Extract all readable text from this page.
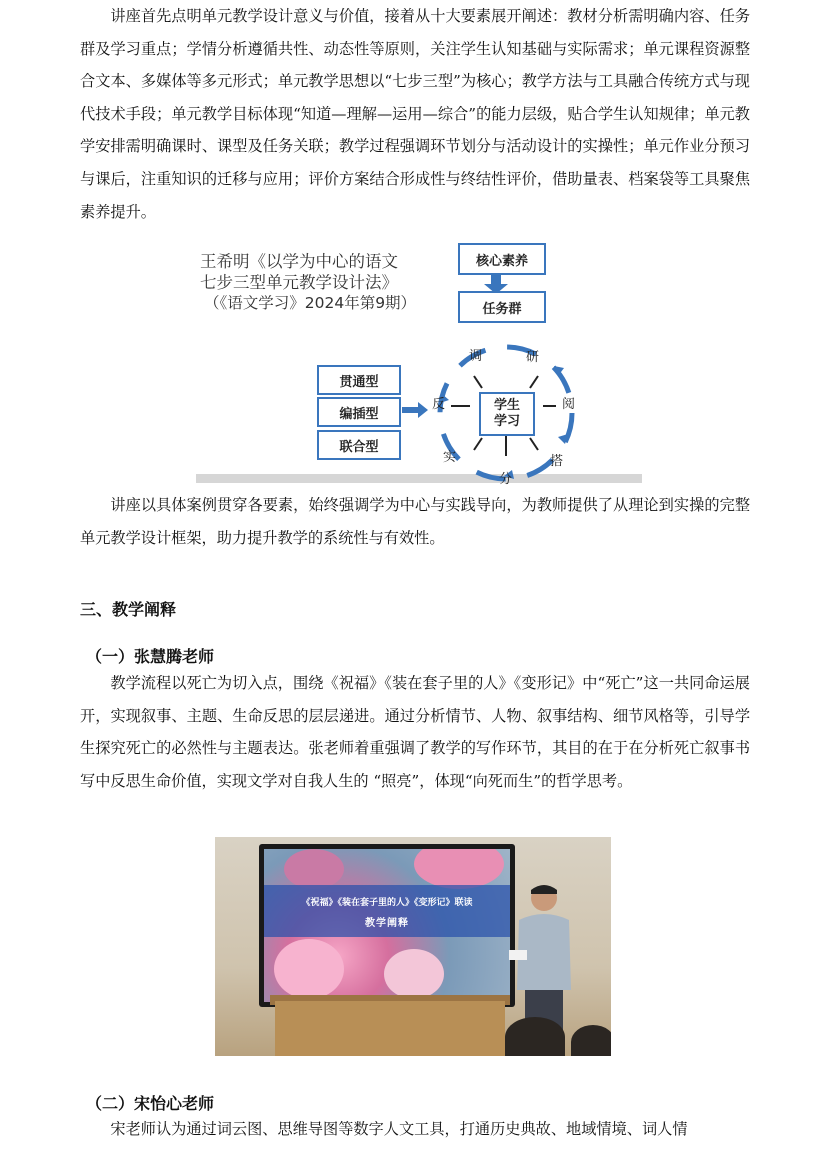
讲座首先点明单元教学设计意义与价值，接着从十大要素展开阐述：教材分析需明确内容、任务群及学习重点；学情分析遵循共性、动态性等原则，关注学生认知基础与实际需求；单元课程资源整合文本、多媒体等多元形式；单元教学思想以“七步三型”为核心；教学方法与工具融合传统方式与现代技术手段；单元教学目标体现“知道—理解—运用—综合”的能力层级，贴合学生认知规律；单元教学安排需明确课时、课型及任务关联；教学过程强调环节划分与活动设计的实操性；单元作业分预习与课后，注重知识的迁移与应用；评价方案结合形成性与终结性评价，借助量表、档案袋等工具聚焦素养提升。

王希明《以学为中心的语文
七步三型单元教学设计法》
（《语文学习》2024年第9期）
核心素养
任务群
学生
学习
贯通型
编插型
联合型
调	研
阅
搭
分
实
反

讲座以具体案例贯穿各要素，始终强调学为中心与实践导向，为教师提供了从理论到实操的完整单元教学设计框架，助力提升教学的系统性与有效性。

三、教学阐释
（一）张慧腾老师

教学流程以死亡为切入点，围绕《祝福》《装在套子里的人》《变形记》中“死亡”这一共同命运展开，实现叙事、主题、生命反思的层层递进。通过分析情节、人物、叙事结构、细节风格等，引导学生探究死亡的必然性与主题表达。张老师着重强调了教学的写作环节，其目的在于在分析死亡叙事书写中反思生命价值，实现文学对自我人生的 “照亮”，体现“向死而生”的哲学思考。

《祝福》《装在套子里的人》《变形记》联读
教学阐释
（二）宋怡心老师

宋老师认为通过词云图、思维导图等数字人文工具，打通历史典故、地域情境、词人情
